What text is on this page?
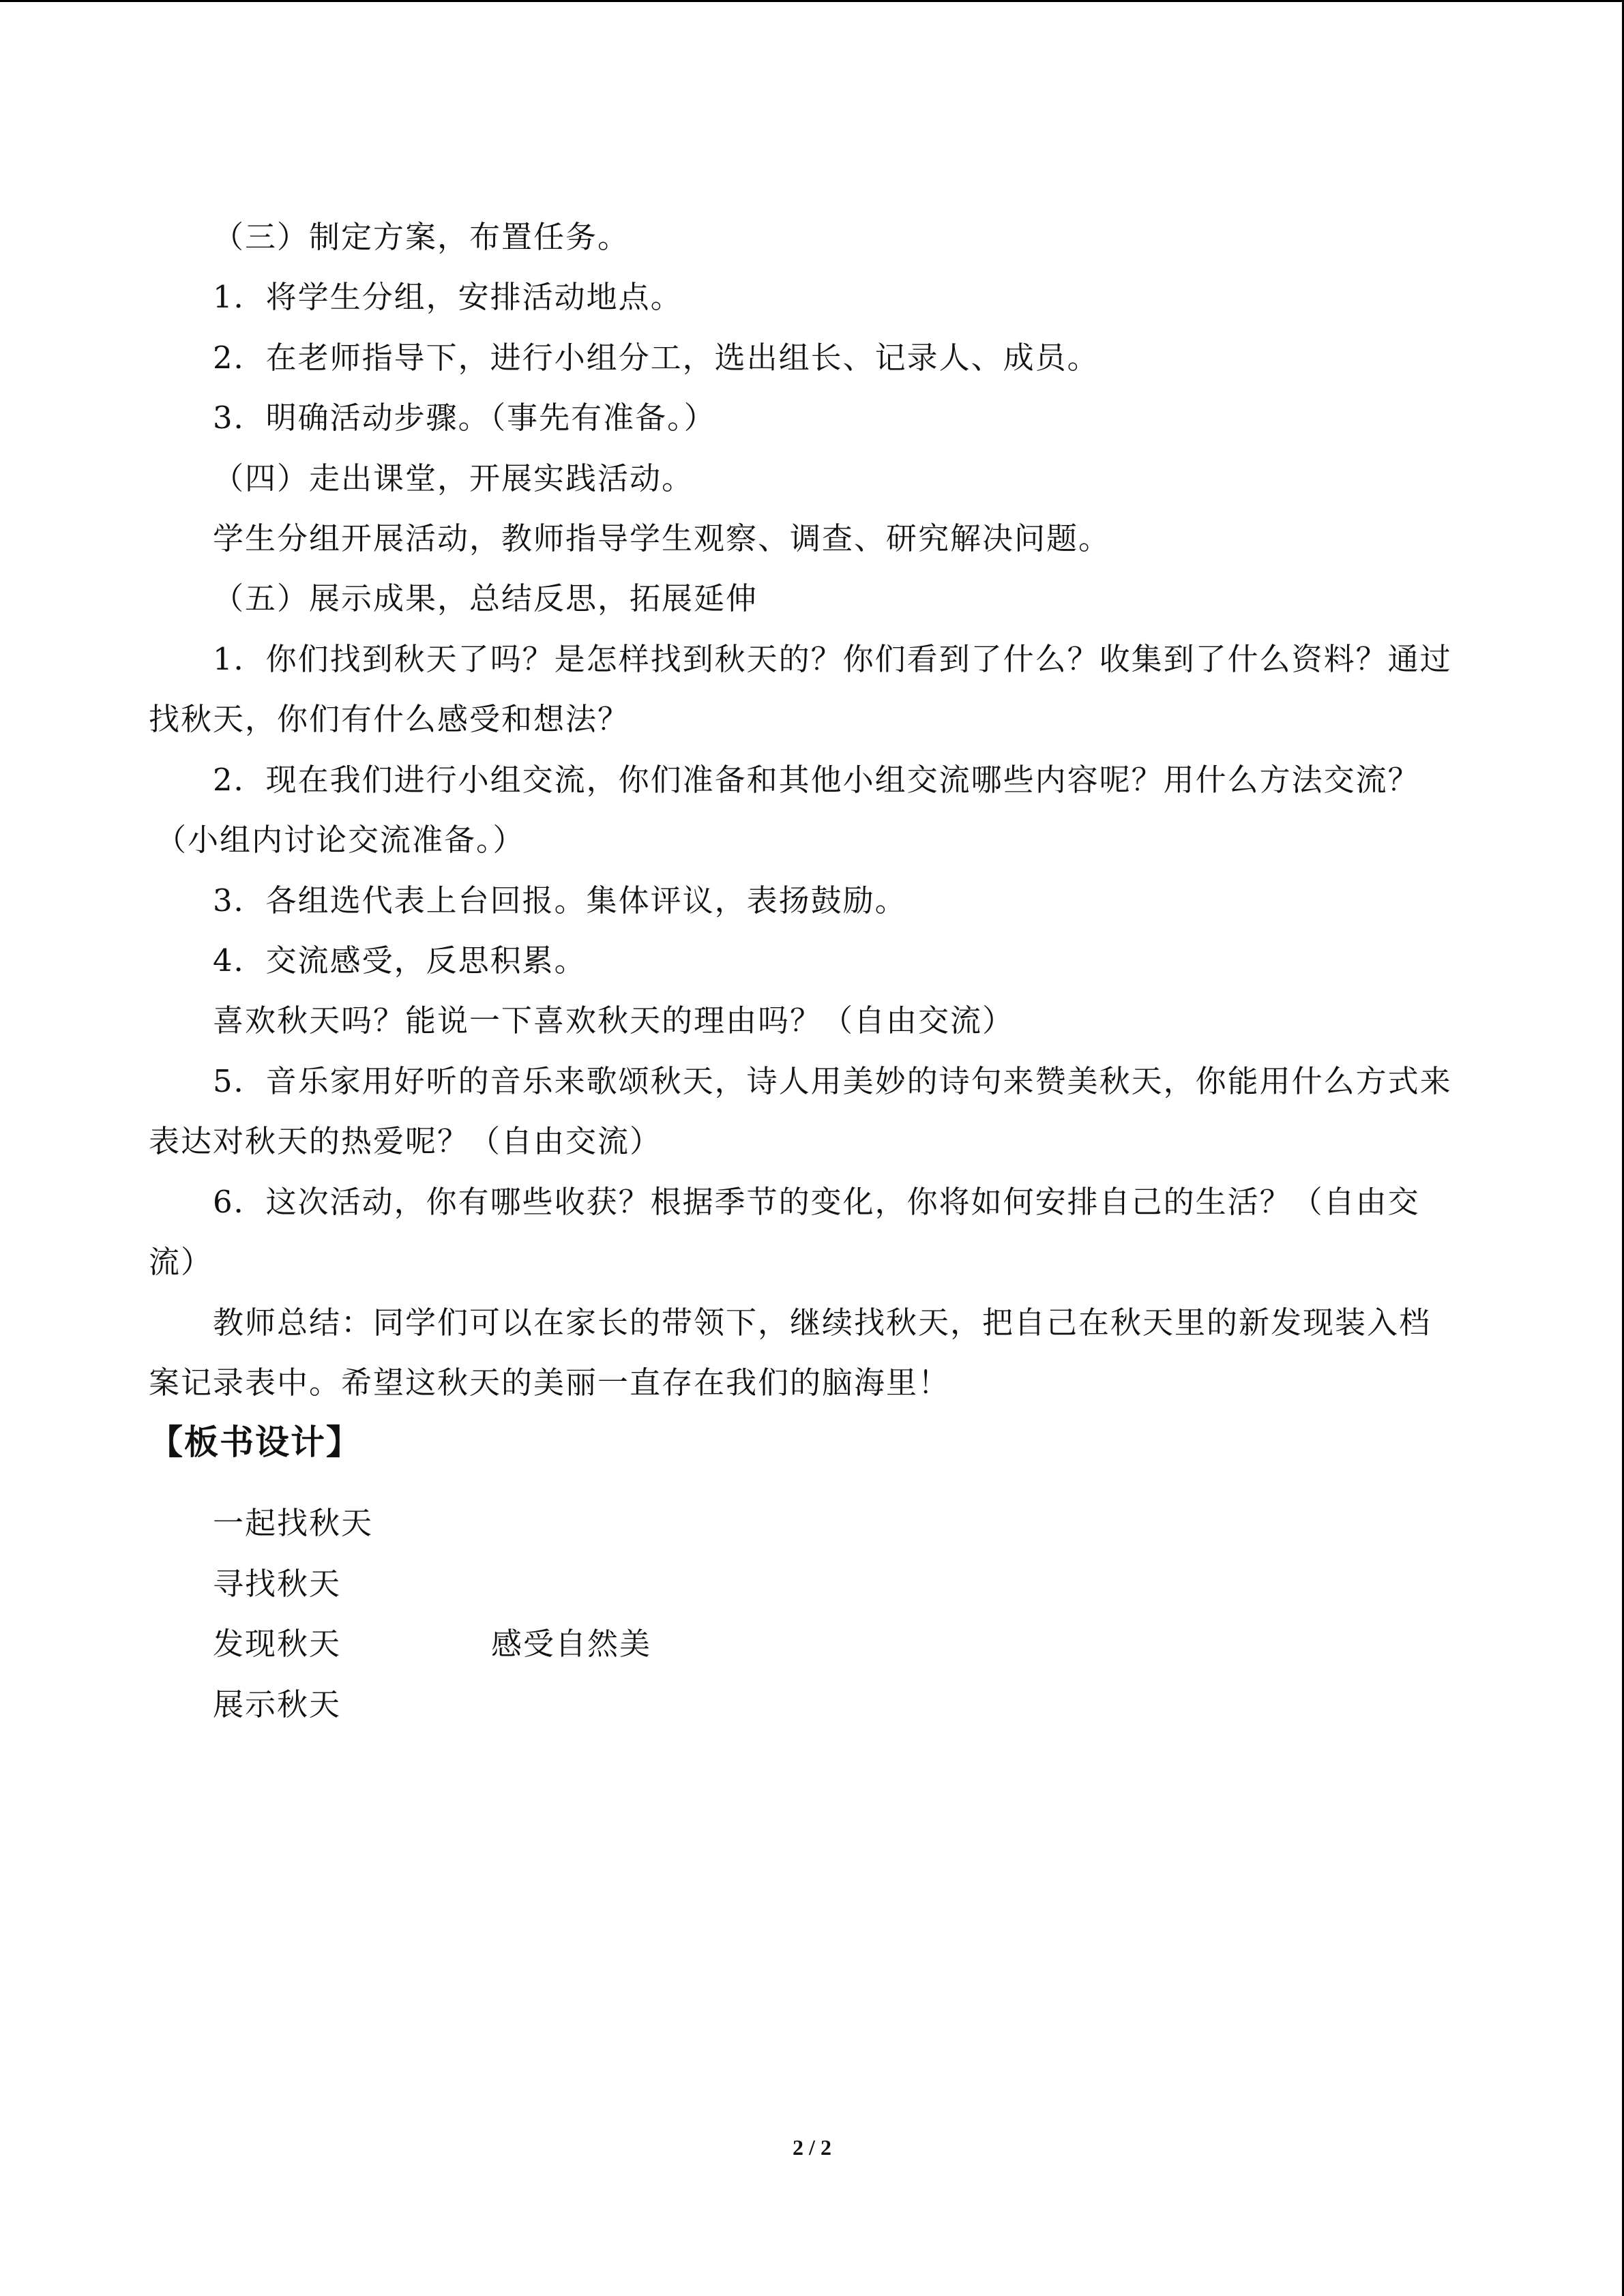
（三）制定方案，布置任务。
1．将学生分组，安排活动地点。
2．在老师指导下，进行小组分工，选出组长、记录人、成员。
3．明确活动步骤。（事先有准备。）
（四）走出课堂，开展实践活动。
学生分组开展活动，教师指导学生观察、调查、研究解决问题。
（五）展示成果，总结反思，拓展延伸
1．你们找到秋天了吗？是怎样找到秋天的？你们看到了什么？收集到了什么资料？通过
找秋天，你们有什么感受和想法？
2．现在我们进行小组交流，你们准备和其他小组交流哪些内容呢？用什么方法交流？
（小组内讨论交流准备。）
3．各组选代表上台回报。集体评议，表扬鼓励。
4．交流感受，反思积累。
喜欢秋天吗？能说一下喜欢秋天的理由吗？（自由交流）
5．音乐家用好听的音乐来歌颂秋天，诗人用美妙的诗句来赞美秋天，你能用什么方式来
表达对秋天的热爱呢？（自由交流）
6．这次活动，你有哪些收获？根据季节的变化，你将如何安排自己的生活？（自由交
流）
教师总结：同学们可以在家长的带领下，继续找秋天，把自己在秋天里的新发现装入档
案记录表中。希望这秋天的美丽一直存在我们的脑海里！
【板书设计】
一起找秋天
寻找秋天
发现秋天	感受自然美
展示秋天
2 / 2
